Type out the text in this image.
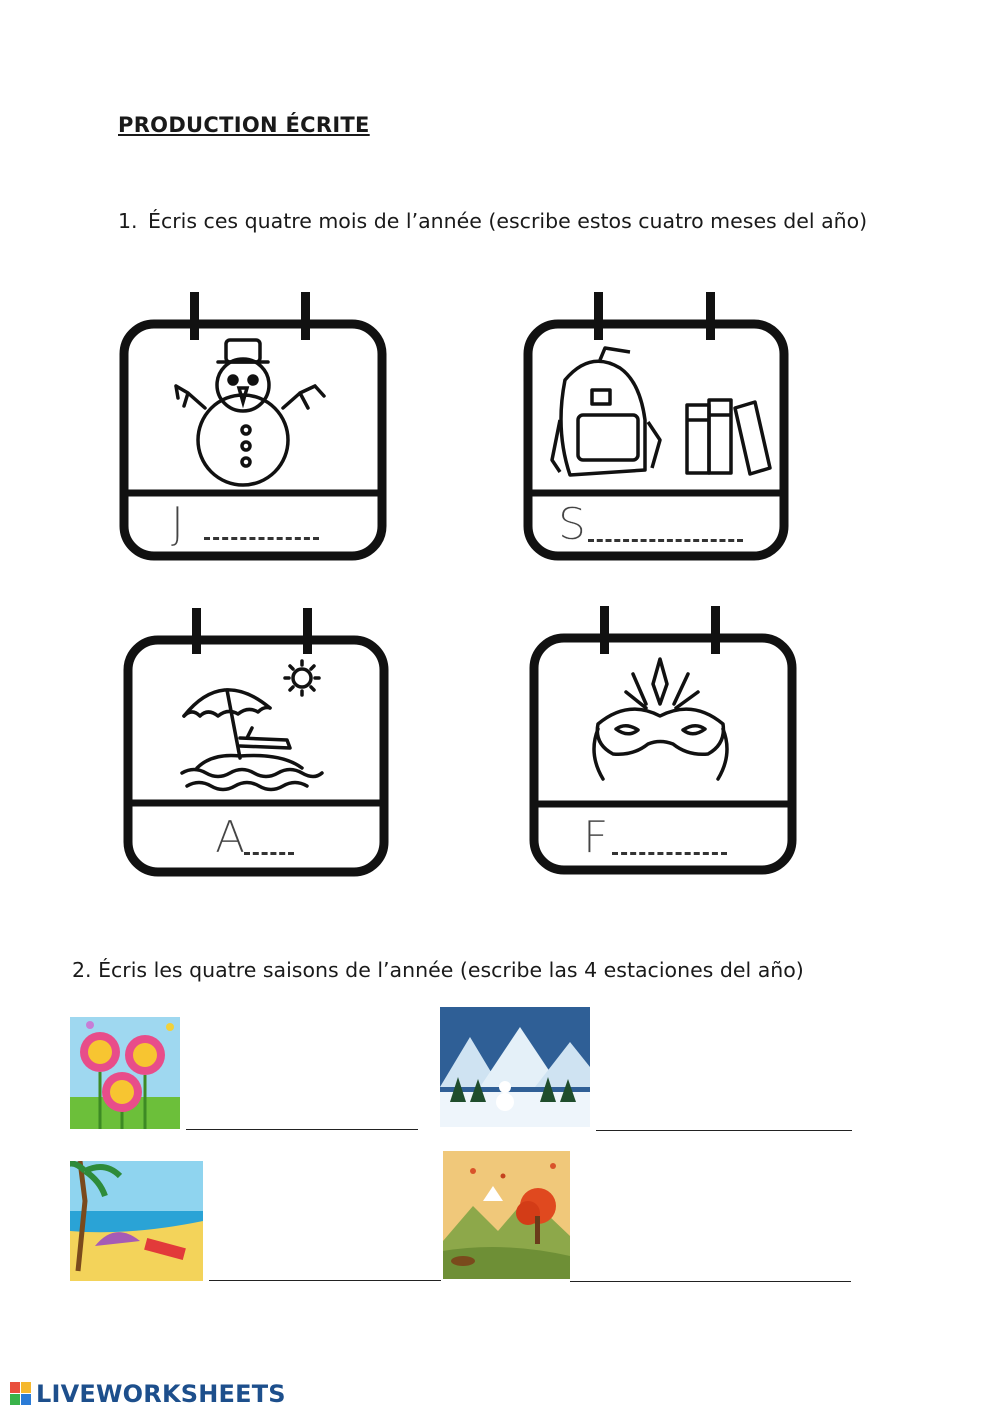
PRODUCTION ÉCRITE
1. Écris ces quatre mois de l’année (escribe estos cuatro meses del año)
J	S
A	F
2. Écris les quatre saisons de l’année (escribe las 4 estaciones del año)
LIVEWORKSHEETS
